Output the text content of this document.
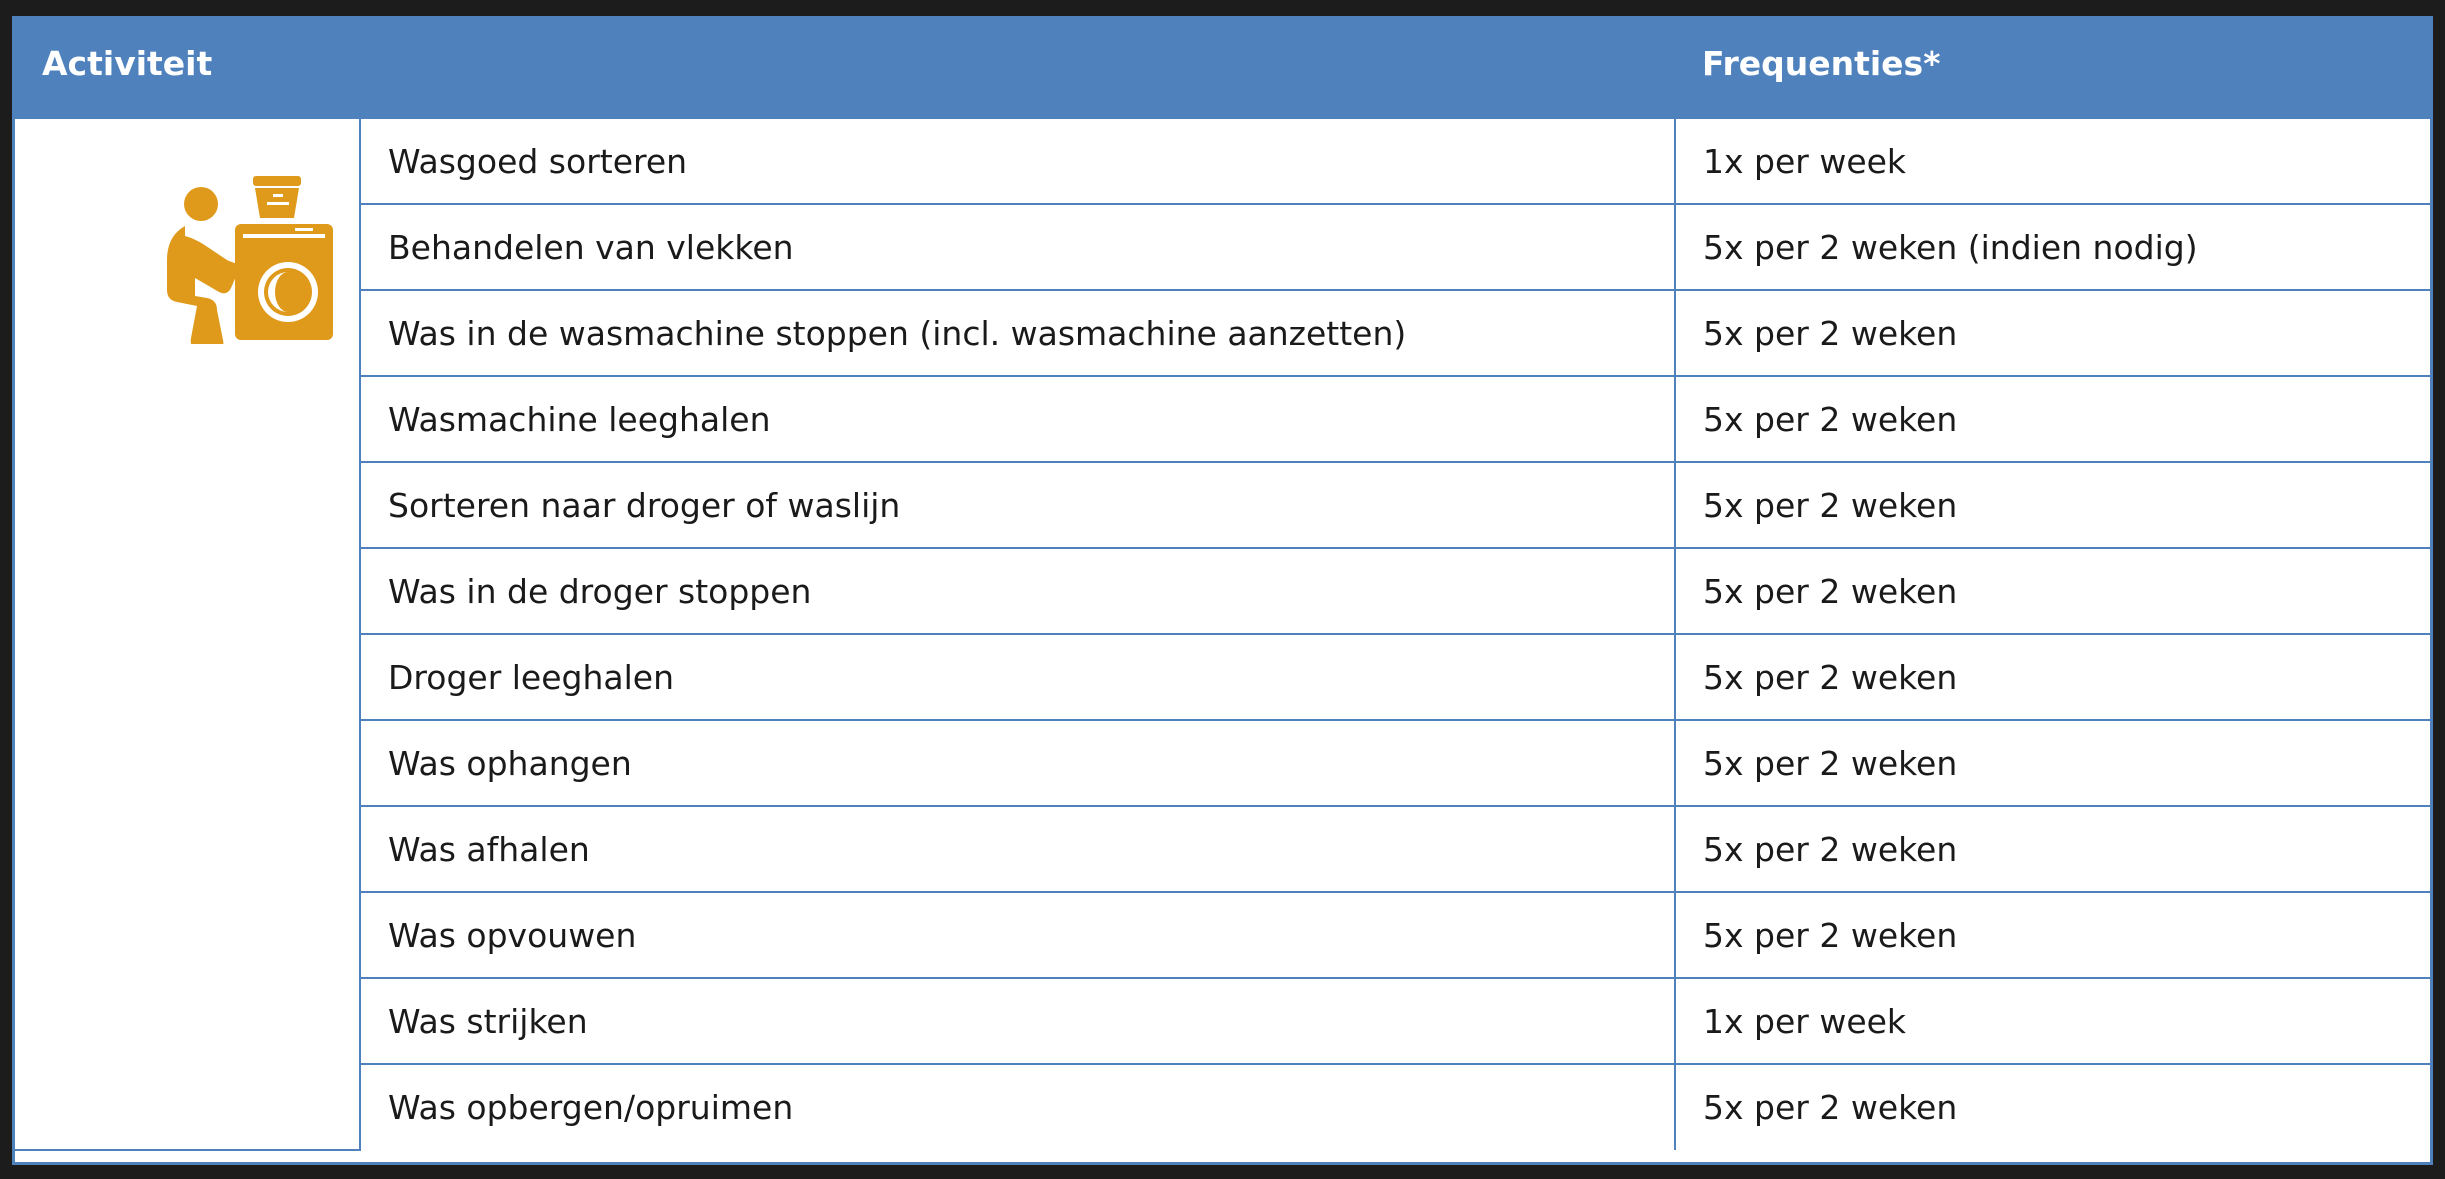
Activiteit		Frequenties*

	Wasgoed sorteren	1x per week
	Behandelen van vlekken	5x per 2 weken (indien nodig)
	Was in de wasmachine stoppen (incl. wasmachine aanzetten)	5x per 2 weken
	Wasmachine leeghalen	5x per 2 weken
	Sorteren naar droger of waslijn	5x per 2 weken
	Was in de droger stoppen	5x per 2 weken
	Droger leeghalen	5x per 2 weken
	Was ophangen	5x per 2 weken
	Was afhalen	5x per 2 weken
	Was opvouwen	5x per 2 weken
	Was strijken	1x per week
	Was opbergen/opruimen	5x per 2 weken
